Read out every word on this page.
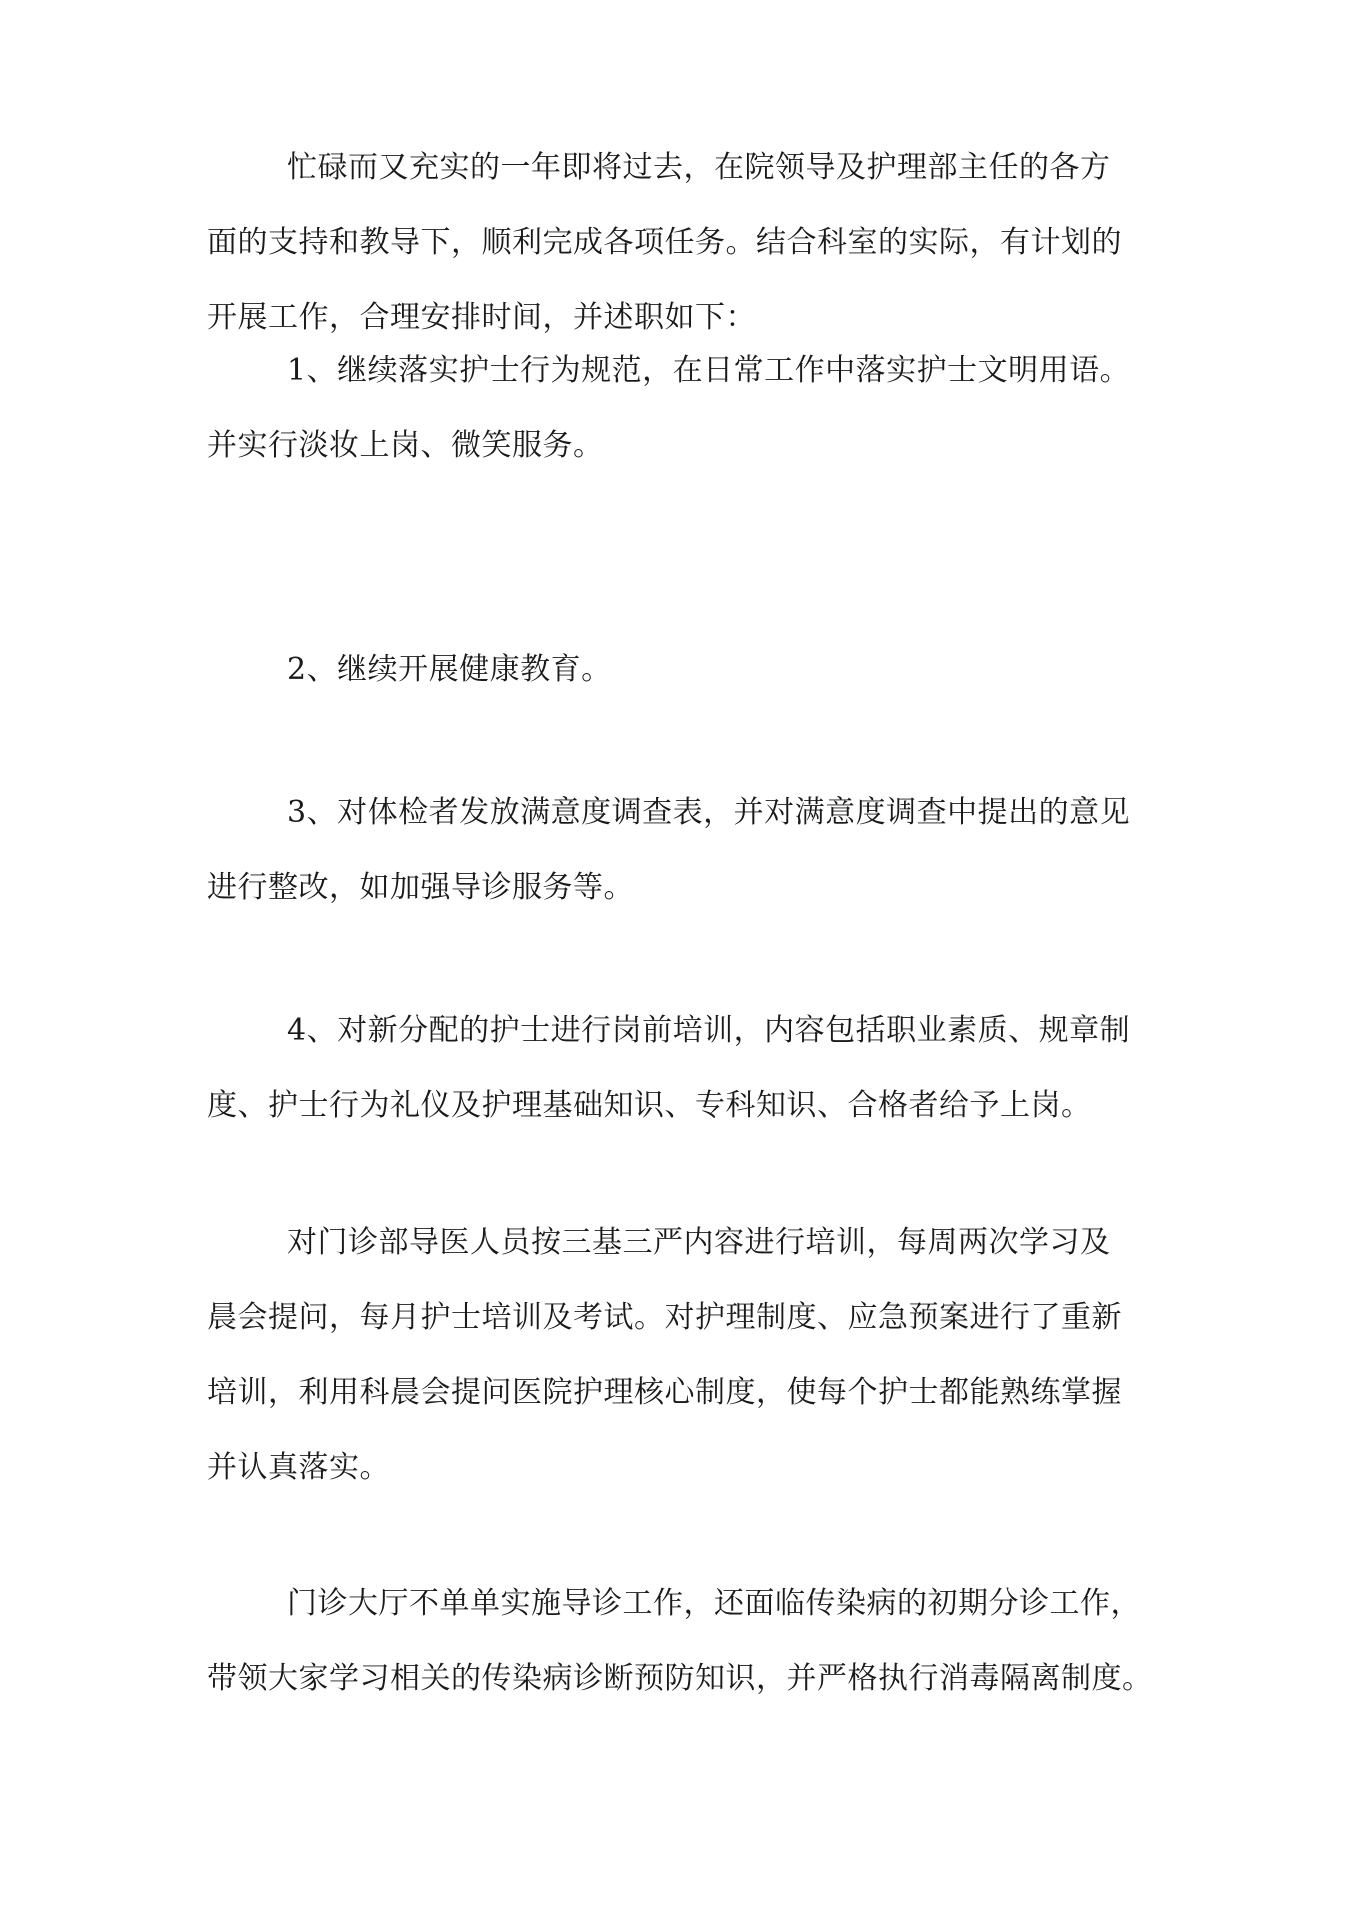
忙碌而又充实的一年即将过去，在院领导及护理部主任的各方
面的支持和教导下，顺利完成各项任务。结合科室的实际，有计划的
开展工作，合理安排时间，并述职如下：

1、继续落实护士行为规范，在日常工作中落实护士文明用语。
并实行淡妆上岗、微笑服务。

2、继续开展健康教育。

3、对体检者发放满意度调查表，并对满意度调查中提出的意见
进行整改，如加强导诊服务等。

4、对新分配的护士进行岗前培训，内容包括职业素质、规章制
度、护士行为礼仪及护理基础知识、专科知识、合格者给予上岗。

对门诊部导医人员按三基三严内容进行培训，每周两次学习及
晨会提问，每月护士培训及考试。对护理制度、应急预案进行了重新
培训，利用科晨会提问医院护理核心制度，使每个护士都能熟练掌握
并认真落实。

门诊大厅不单单实施导诊工作，还面临传染病的初期分诊工作，
带领大家学习相关的传染病诊断预防知识，并严格执行消毒隔离制度。
